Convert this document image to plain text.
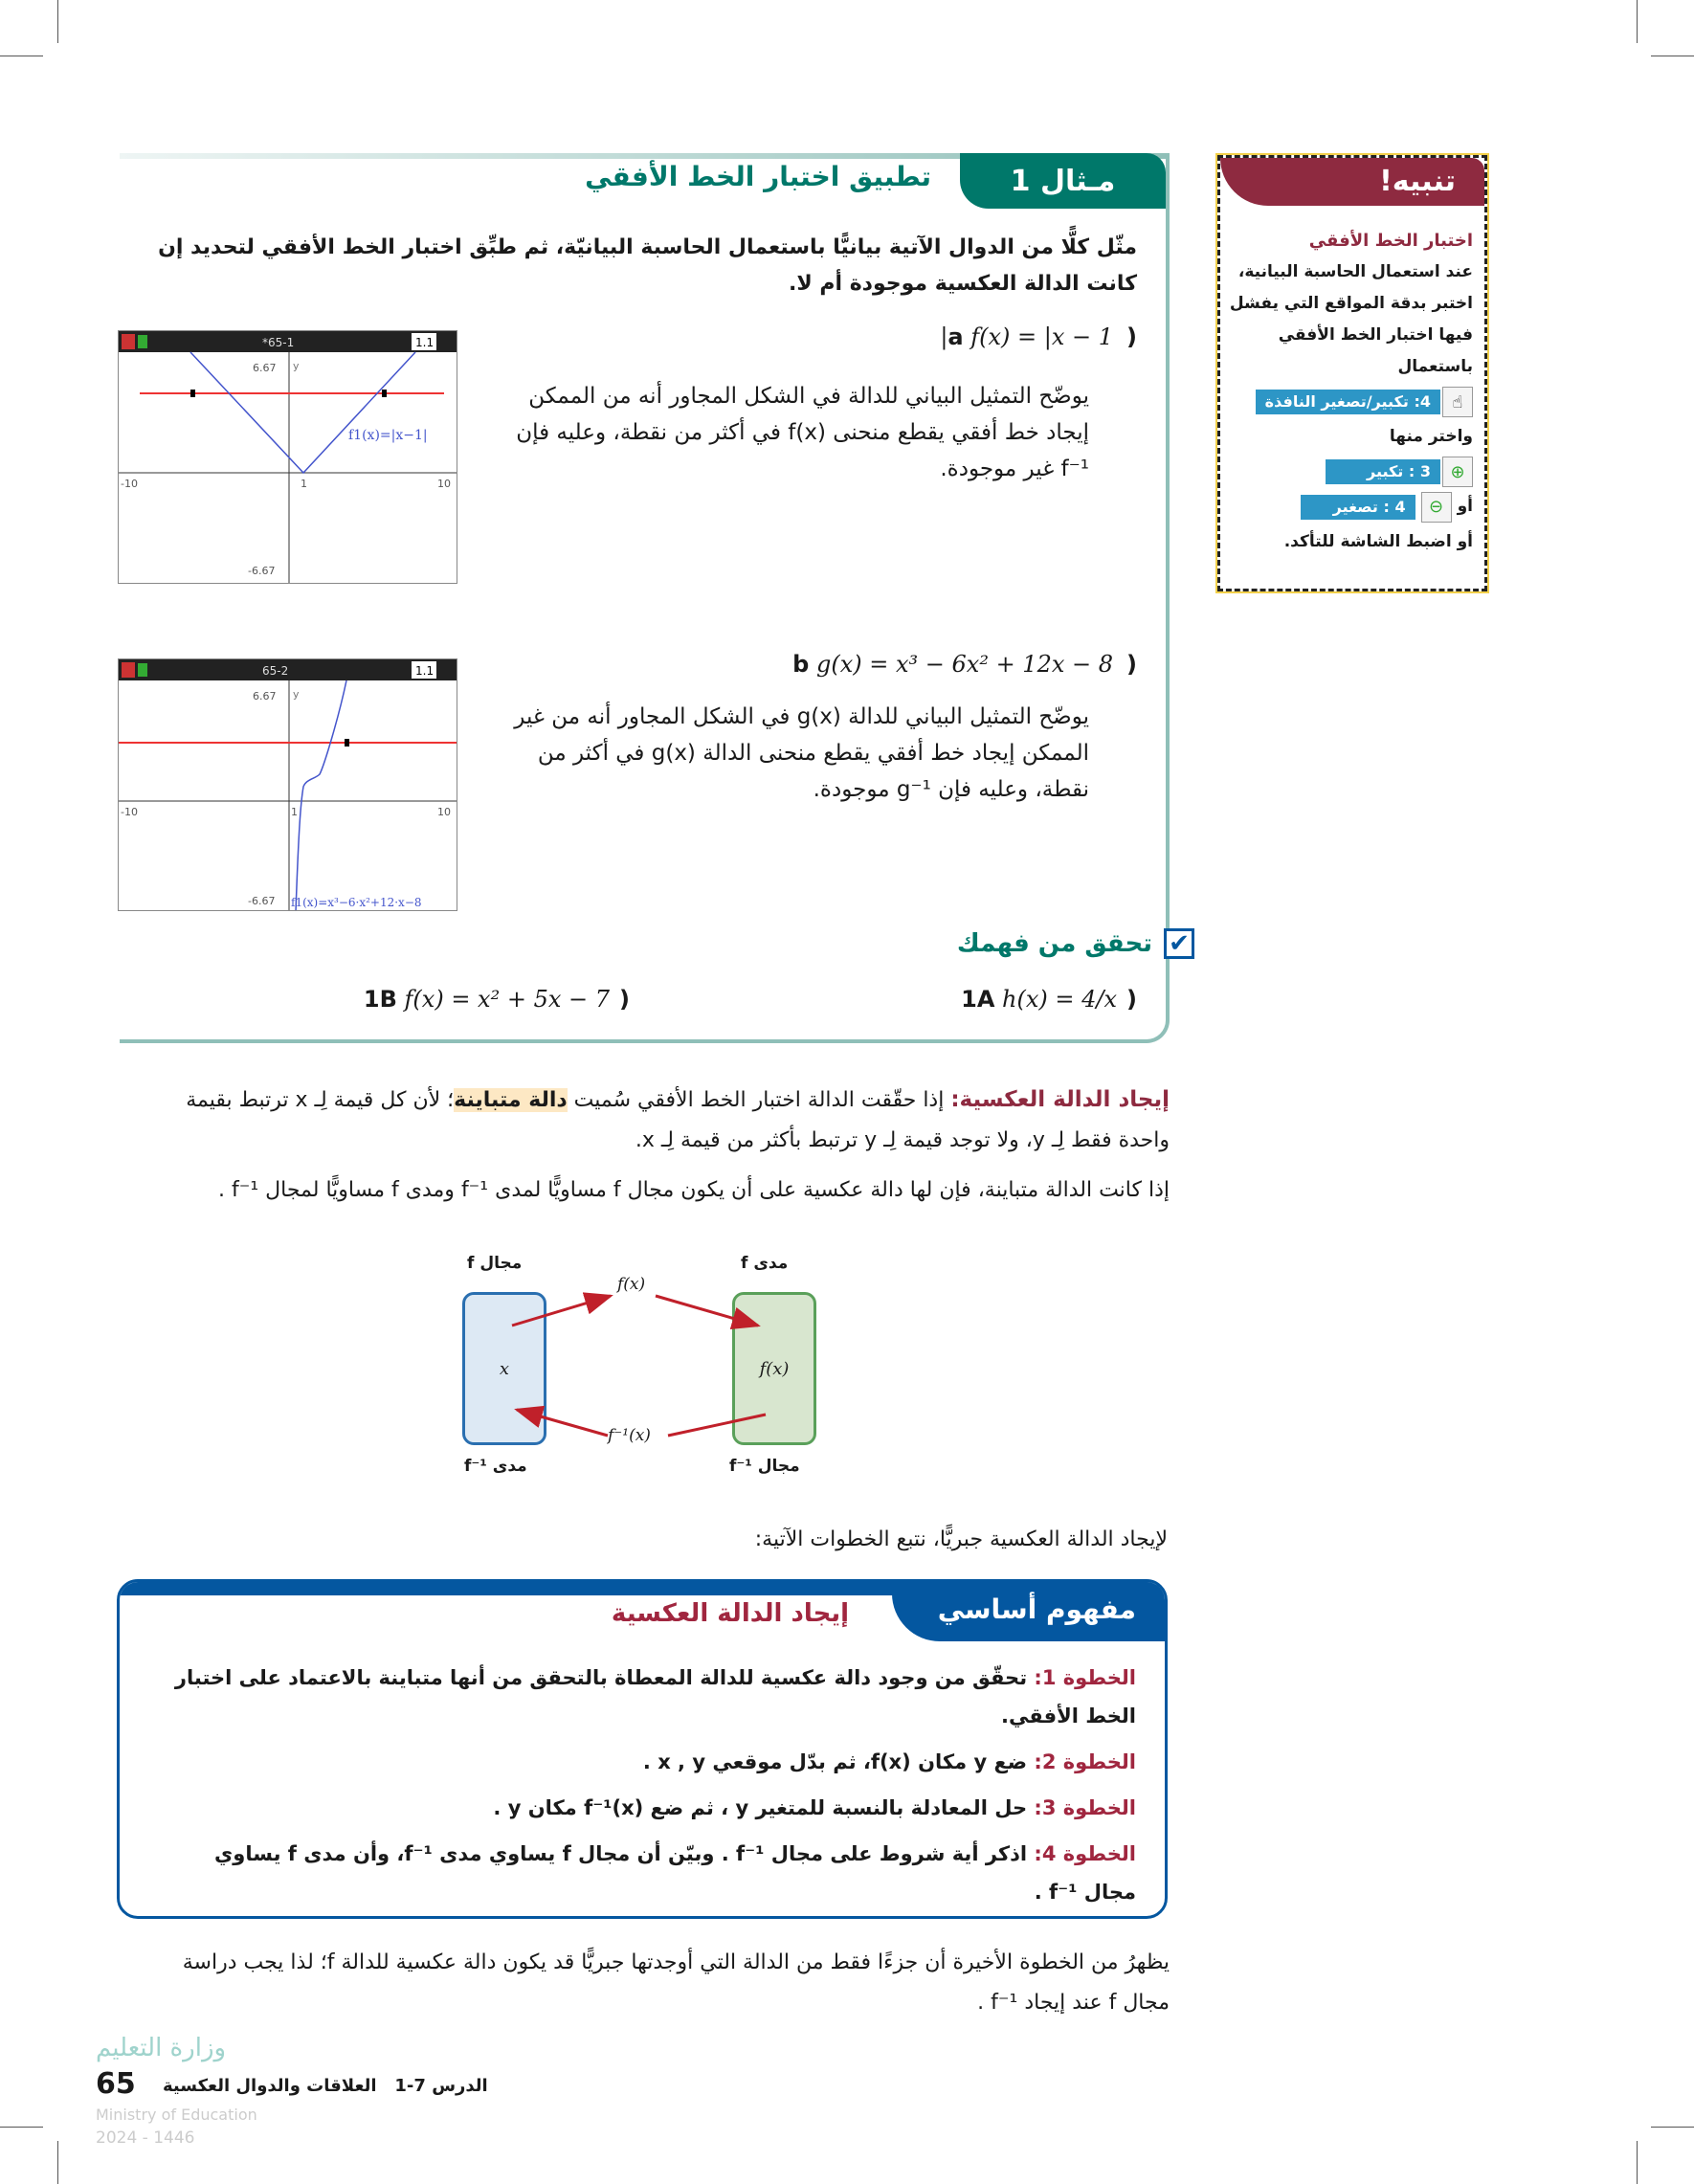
مـثال 1
تطبيق اختبار الخط الأفقي
مثّل كلًّا من الدوال الآتية بيانيًّا باستعمال الحاسبة البيانيّة، ثم طبِّق اختبار الخط الأفقي لتحديد إن كانت الدالة العكسية موجودة أم لا.
(a f(x) = |x − 1|
يوضّح التمثيل البياني للدالة في الشكل المجاور أنه من الممكن إيجاد خط أفقي يقطع منحنى f(x) في أكثر من نقطة، وعليه فإن f⁻¹ غير موجودة.
(b g(x) = x³ − 6x² + 12x − 8
يوضّح التمثيل البياني للدالة g(x) في الشكل المجاور أنه من غير الممكن إيجاد خط أفقي يقطع منحنى الدالة g(x) في أكثر من نقطة، وعليه فإن g⁻¹ موجودة.
✔
تحقق من فهمك
(1A h(x) = 4/x
(1B f(x) = x² + 5x − 7
*65-1	1.1
6.67
-6.67
-10	10
1
y
f1(x)=|x−1|
65-2	1.1
6.67
-6.67
-10	10
1
y
f1(x)=x³−6·x²+12·x−8
تنبيه!
اختبار الخط الأفقي
عند استعمال الحاسبة البيانية، اختبر بدقة المواقع التي يفشل فيها اختبار الخط الأفقي باستعمال
☝
4: تكبير/تصغير النافذة
واختر منها
⊕
3 : تكبير
أو
⊖
4 : تصغير
أو اضبط الشاشة للتأكد.
إيجاد الدالة العكسية: إذا حقّقت الدالة اختبار الخط الأفقي سُميت دالة متباينة؛ لأن كل قيمة لِـ x ترتبط بقيمة واحدة فقط لِـ y، ولا توجد قيمة لِـ y ترتبط بأكثر من قيمة لِـ x.
إذا كانت الدالة متباينة، فإن لها دالة عكسية على أن يكون مجال f مساويًّا لمدى f⁻¹ ومدى f مساويًّا لمجال f⁻¹ .
مجال f	مدى f
x	f(x)
f(x)
f⁻¹(x)
مدى f⁻¹	مجال f⁻¹
لإيجاد الدالة العكسية جبريًّا، نتبع الخطوات الآتية:
مفهوم أساسي
إيجاد الدالة العكسية
الخطوة 1: تحقّق من وجود دالة عكسية للدالة المعطاة بالتحقق من أنها متباينة بالاعتماد على اختبار الخط الأفقي.
الخطوة 2: ضع y مكان f(x)، ثم بدّل موقعي x , y .
الخطوة 3: حل المعادلة بالنسبة للمتغير y ، ثم ضع f⁻¹(x) مكان y .
الخطوة 4: اذكر أية شروط على مجال f⁻¹ . وبيّن أن مجال f يساوي مدى f⁻¹، وأن مدى f يساوي مجال f⁻¹ .
يظهرُ من الخطوة الأخيرة أن جزءًا فقط من الدالة التي أوجدتها جبريًّا قد يكون دالة عكسية للدالة f؛ لذا يجب دراسة مجال f عند إيجاد f⁻¹ .
وزارة التعليم
65	الدرس 7-1   العلاقات والدوال العكسية
Ministry of Education
2024 - 1446
